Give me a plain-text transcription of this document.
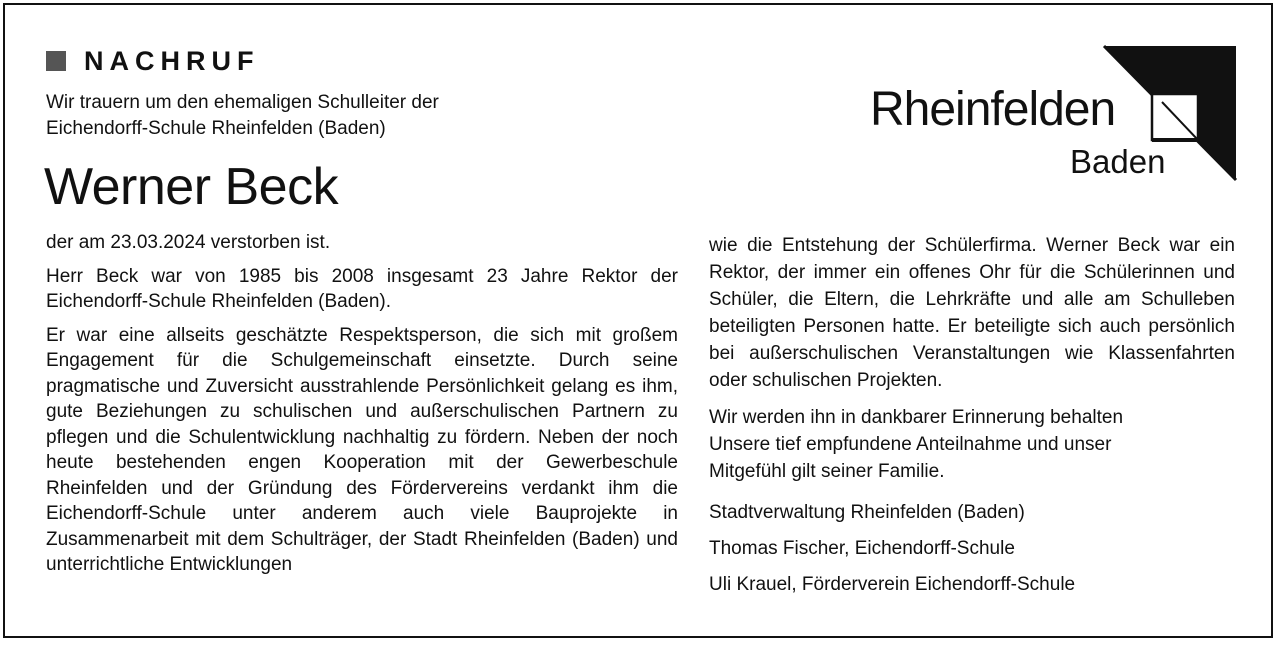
NACHRUF
Wir trauern um den ehemaligen Schulleiter der
Eichendorff-Schule Rheinfelden (Baden)
Werner Beck

der am 23.03.2024 verstorben ist.

Herr Beck war von 1985 bis 2008 insgesamt 23 Jahre Rektor der Eichendorff-Schule Rheinfelden (Baden).

Er war eine allseits geschätzte Respektsperson, die sich mit großem Engagement für die Schulgemeinschaft einsetzte. Durch seine pragmatische und Zuversicht ausstrahlende Persönlichkeit gelang es ihm, gute Beziehungen zu schulischen und außerschulischen Partnern zu pflegen und die Schulentwicklung nachhaltig zu fördern. Neben der noch heute bestehenden engen Kooperation mit der Gewerbeschule Rheinfelden und der Gründung des Fördervereins verdankt ihm die Eichendorff-Schule unter anderem auch viele Bauprojekte in Zusammenarbeit mit dem Schulträger, der Stadt Rheinfelden (Baden) und unterrichtliche Entwicklungen

wie die Entstehung der Schülerfirma. Werner Beck war ein Rektor, der immer ein offenes Ohr für die Schülerinnen und Schüler, die Eltern, die Lehrkräfte und alle am Schulleben beteiligten Personen hatte. Er beteiligte sich auch persönlich bei außerschulischen Veranstaltungen wie Klassenfahrten oder schulischen Projekten.

Wir werden ihn in dankbarer Erinnerung behalten
Unsere tief empfundene Anteilnahme und unser
Mitgefühl gilt seiner Familie.

Stadtverwaltung Rheinfelden (Baden)

Thomas Fischer, Eichendorff-Schule

Uli Krauel, Förderverein Eichendorff-Schule

Rheinfelden
Baden
